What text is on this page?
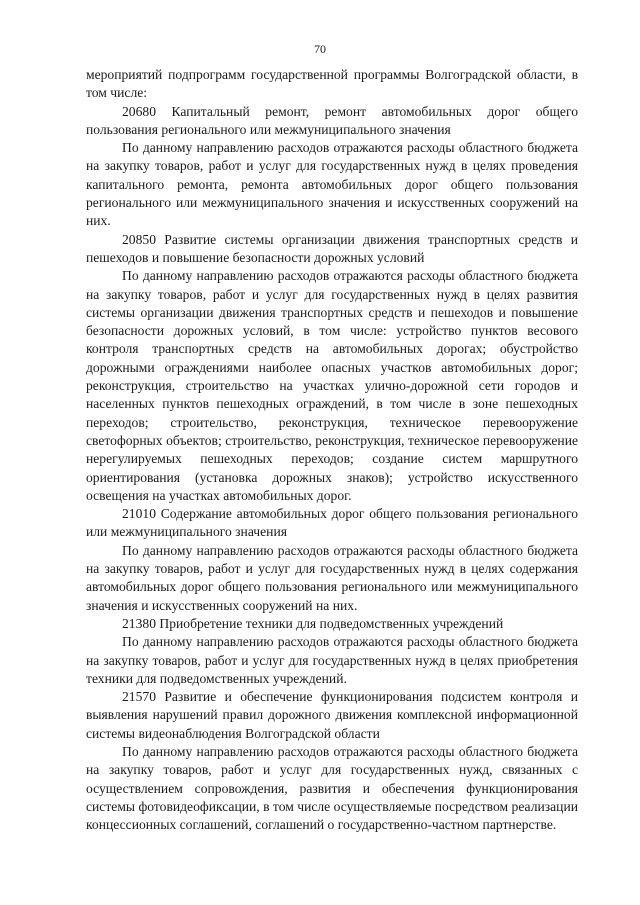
70

мероприятий подпрограмм государственной программы Волгоградской области, в том числе:

20680 Капитальный ремонт, ремонт автомобильных дорог общего пользования регионального или межмуниципального значения

По данному направлению расходов отражаются расходы областного бюджета на закупку товаров, работ и услуг для государственных нужд в целях проведения капитального ремонта, ремонта автомобильных дорог общего пользования регионального или межмуниципального значения и искусственных сооружений на них.

20850 Развитие системы организации движения транспортных средств и пешеходов и повышение безопасности дорожных условий

По данному направлению расходов отражаются расходы областного бюджета на закупку товаров, работ и услуг для государственных нужд в целях развития системы организации движения транспортных средств и пешеходов и повышение безопасности дорожных условий, в том числе: устройство пунктов весового контроля транспортных средств на автомобильных дорогах; обустройство дорожными ограждениями наиболее опасных участков автомобильных дорог; реконструкция, строительство на участках улично-дорожной сети городов и населенных пунктов пешеходных ограждений, в том числе в зоне пешеходных переходов; строительство, реконструкция, техническое перевооружение светофорных объектов; строительство, реконструкция, техническое перевооружение нерегулируемых пешеходных переходов; создание систем маршрутного ориентирования (установка дорожных знаков); устройство искусственного освещения на участках автомобильных дорог.

21010 Содержание автомобильных дорог общего пользования регионального или межмуниципального значения

По данному направлению расходов отражаются расходы областного бюджета на закупку товаров, работ и услуг для государственных нужд в целях содержания автомобильных дорог общего пользования регионального или межмуниципального значения и искусственных сооружений на них.

21380 Приобретение техники для подведомственных учреждений

По данному направлению расходов отражаются расходы областного бюджета на закупку товаров, работ и услуг для государственных нужд в целях приобретения техники для подведомственных учреждений.

21570 Развитие и обеспечение функционирования подсистем контроля и выявления нарушений правил дорожного движения комплексной информационной системы видеонаблюдения Волгоградской области

По данному направлению расходов отражаются расходы областного бюджета на закупку товаров, работ и услуг для государственных нужд, связанных с осуществлением сопровождения, развития и обеспечения функционирования системы фотовидеофиксации, в том числе осуществляемые посредством реализации концессионных соглашений, соглашений о государственно-частном партнерстве.
